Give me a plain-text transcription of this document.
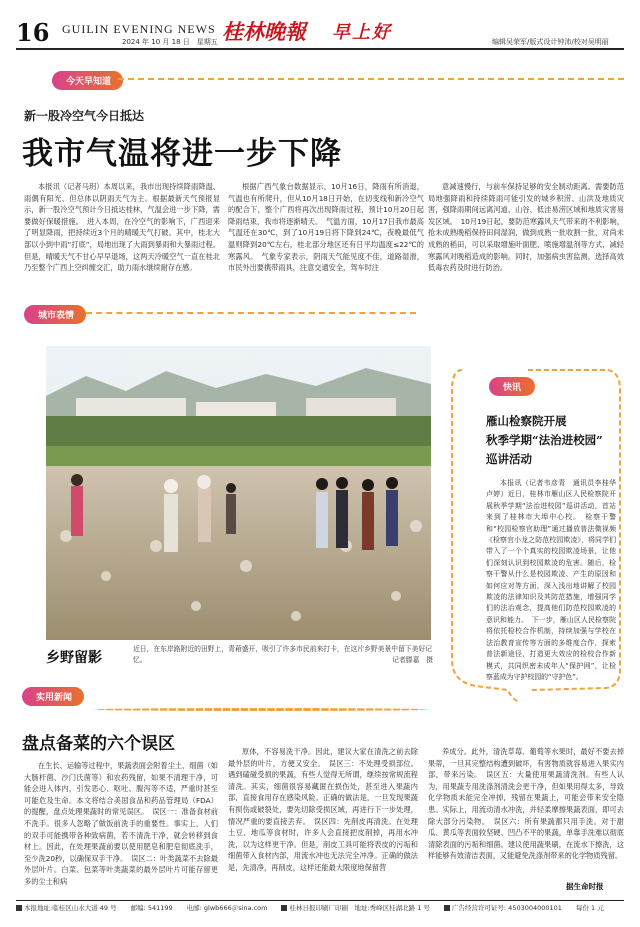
16 GUILIN EVENING NEWS
2024 年 10 月 18 日　星期五 桂林晚報 早上好	编辑吴荣军/版式设计钟沛/校对吴明丽
今天早知道
新一股冷空气今日抵达
我市气温将进一步下降

本报讯（记者马玥）本周以来，我市出现持续降雨降温、雨偶有阳光、但总体以阴雨天气为主。根据最新天气预报显示，新一股冷空气预计今日抵达桂林，气温会进一步下降，需要做好保暖措施。　进入本周，在冷空气的影响下，广西迎来了明显降雨，把持续近3个月的晴暖天气打破。其中，桂北大部以小到中雨“打底”，局地出现了大雨到暴雨和大暴雨过程。但是，晴暖天气不甘心早早退场，这两天冷暖空气一直在桂北乃至整个广西上空纠缠交汇，助力雨水继续耐存在感。

根据广西气象台数据显示，10月16日，降雨有所消退，气温也有所爬升，但从10月18日开始，在切变线和新冷空气的配合下，整个广西将再次出现降雨过程，预计10月20日起降雨结束，我市将逐渐晴天。　气温方面，10月17日我市最高气温还在30℃，到了10月19日将下降到24℃，夜晚最低气温则降到20℃左右，桂北部分地区还有日平均温度≤22℃的寒露风。　气象专家表示，阴雨天气能见度不佳，道路湿滑，市民外出要携带雨具，注意交通安全，驾车时注

意减速慢行，与前车保持足够的安全制动距离。需要防范局地强降雨和持续降雨可能引发的城乡积涝、山洪及地质灾害，强降雨期间远离河道、山谷、低洼易涝区域和地质灾害易发区域。　10月19日起，要防范寒露风天气带来的不利影响，抢未成熟晚稻保持田间湿润，做到成熟一批收割一批，对尚未成熟的稻田，可以采取增施叶面肥、喷施增温剂等方式，减轻寒露风对晚稻造成的影响。同时，加强病虫害监测，选择高效低毒农药及时进行防治。

城市表情
乡野留影
近日，在东岸路附近的田野上，青葙盛开，吸引了许多市民前来打卡，在这片乡野美景中留下美好记忆。	记者滕嘉　摄
快讯
雁山检察院开展
秋季学期“法治进校园”
巡讲活动

本报讯（记者韦彦青　通讯员李桂华　卢婷）近日，桂林市雁山区人民检察院开展秋季学期“法治进校园”巡讲活动，首站来到了桂林市大埠中心校。　检察干警和“校园检察官助理”通过播放普法微视频《检察官小龙之防范校园欺凌》，将同学们带入了一个个真实的校园欺凌场景，让他们深刻认识到校园欺凌的危害。随后，检察干警从什么是校园欺凌、产生的原因和如何应对等方面，深入浅出地讲解了校园欺凌的法律知识及其防范措施，增强同学们的法治观念，提高他们防范校园欺凌的意识和能力。　下一步，雁山区人民检察院将依托检校合作机制，持续加强与学校在法治教育宣传等方面的多维度合作，探索普法新途径，打造更大效应的检校合作新模式，共同织密未成年人“保护网”，让检察蓝成为守护校园的“守护色”。

实用新闻
盘点备菜的六个误区

在生长、运输等过程中，果蔬表面会附着尘土、细菌（如大肠杆菌、沙门氏菌等）和农药残留，如果不清理干净，可能会进入体内，引发恶心、呕吐、腹泻等不适，严重时甚至可能危及生命。本文将结合美国食品和药品管理局（FDA）的提醒，盘点处理果蔬时的常见误区。　误区一：准备食材前不洗手。很多人忽略了做饭前洗手的重要性。事实上，人们的双手可能携带各种致病菌，若不清洗干净，就会转移到食材上。因此，在处理果蔬前要以使用肥皂和肥皂彻底洗手，至少洗20秒，以确保双手干净。　误区二：叶类蔬菜不去除最外层叶片。白菜、包菜等叶类蔬菜的最外层叶片可能存留更多的尘土和病

原体，不容易洗干净。因此，建议大家在清洗之前去除最外层的叶片，方便又安全。　误区三：不处理受损部位。遇到磕碰受损的果蔬，有些人觉得无所谓，继续按常规流程清洗。其实，细菌很容易藏匿在损伤处，甚至进入果蔬内部，直接食用存在感染风险。正确的做法是，一旦发现果蔬有损伤或破裂处，要先切除受损区域，再进行下一步处理，情况严重的要直接丢弃。　误区四：先削皮再清洗。在处理土豆、地瓜等食材时，许多人会直接把皮削掉，再用水冲洗，以为这样更干净。但是，削皮工具可能将表皮的污垢和细菌带入食材内部，用流水冲也无法完全冲净。正确的做法是，先清净，再削皮，这样还能最大限度地保留营

养成分。此外，清洗草莓、葡萄等水果时，最好不要去掉果蒂，一旦其完整结构遭到破坏，有害物质就容易进入果实内部，带来污染。　误区五：大量使用果蔬清洗剂。有些人认为，用果蔬专用洗涤剂清洗会更干净，但如果用得太多，导致化学物质未能完全冲掉，残留在果蔬上，可能会带来安全隐患。实际上，用流动清水冲洗，并轻柔摩擦果蔬表面，即可去除大部分污染物。　误区六：所有果蔬都只用手洗。对于甜瓜、黄瓜等表面较坚硬、凹凸不平的果蔬，单靠手洗难以彻底清除表面的污垢和细菌。建议使用蔬果刷，在流水下擦洗，这样能够有效清洁表面，又能避免洗涤剂带来的化学物质残留。

据生命时报
本报地址:临桂区山水大道 49 号 邮编: 541199 电邮: glwb666＠sina.com	桂林日报印刷厂印刷　地址:秀峰区桂湖北路 1 号	广告经营许可证号: 4503004000101 每份 1 元
